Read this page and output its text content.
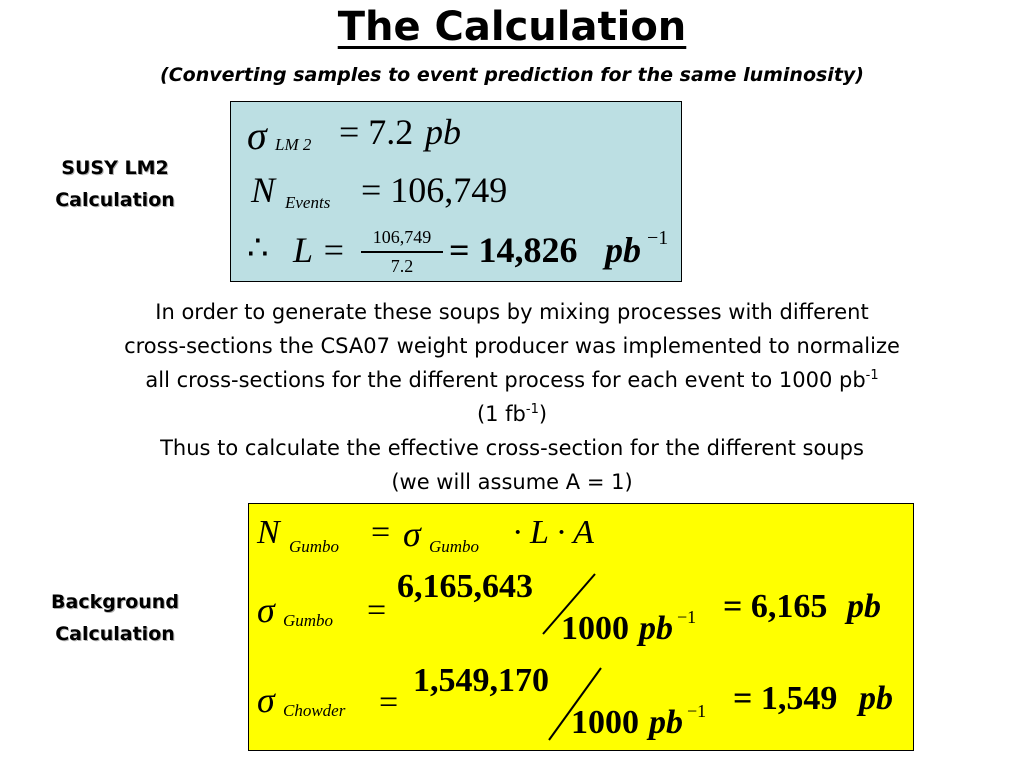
The Calculation
(Converting samples to event prediction for the same luminosity)
SUSY LM2
Calculation
σ LM 2 = 7.2 pb
N Events = 106,749
∴ L =	106,749
7.2 = 14,826 pb −1
In order to generate these soups by mixing processes with different
cross-sections the CSA07 weight producer was implemented to normalize
all cross-sections for the different process for each event to 1000 $pb^{-1}$
(1 $fb^{-1}$)
Thus to calculate the effective cross-section for the different soups
(we will assume A = 1)
Background
Calculation
N Gumbo = σ Gumbo · L · A
σ Gumbo =
6,165,643
1000 pb −1 = 6,165 pb
σ Chowder =
1,549,170
1000 pb −1 = 1,549 pb
